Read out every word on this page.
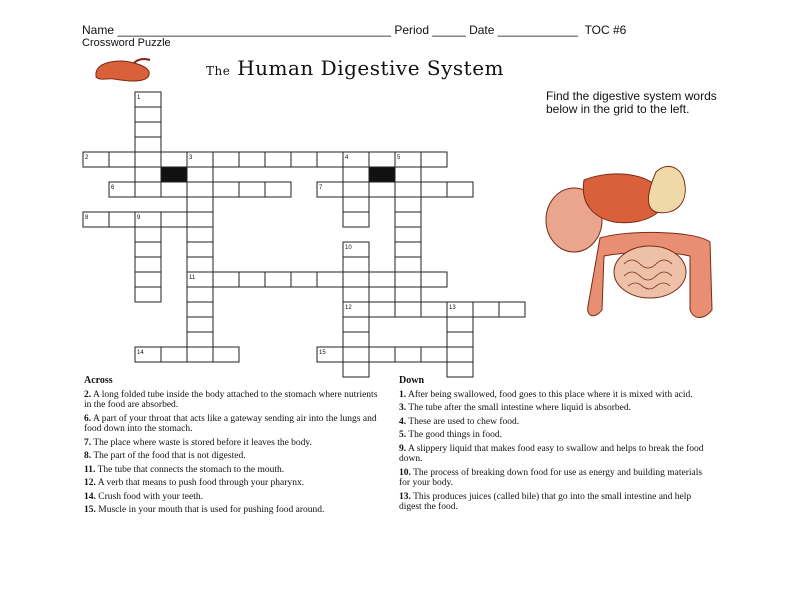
Name _________________________________________ Period _____ Date ____________ TOC #6
Crossword Puzzle
The Human Digestive System
Find the digestive system words below in the grid to the left.
1
2	3	4	5
6	7
8	9
10
11
12	13
14	15
Across
2. A long folded tube inside the body attached to the stomach where nutrients in the food are absorbed.
6. A part of your throat that acts like a gateway sending air into the lungs and food down into the stomach.
7. The place where waste is stored before it leaves the body.
8. The part of the food that is not digested.
11. The tube that connects the stomach to the mouth.
12. A verb that means to push food through your pharynx.
14. Crush food with your teeth.
15. Muscle in your mouth that is used for pushing food around.
Down
1. After being swallowed, food goes to this place where it is mixed with acid.
3. The tube after the small intestine where liquid is absorbed.
4. These are used to chew food.
5. The good things in food.
9. A slippery liquid that makes food easy to swallow and helps to break the food down.
10. The process of breaking down food for use as energy and building materials for your body.
13. This produces juices (called bile) that go into the small intestine and help digest the food.
